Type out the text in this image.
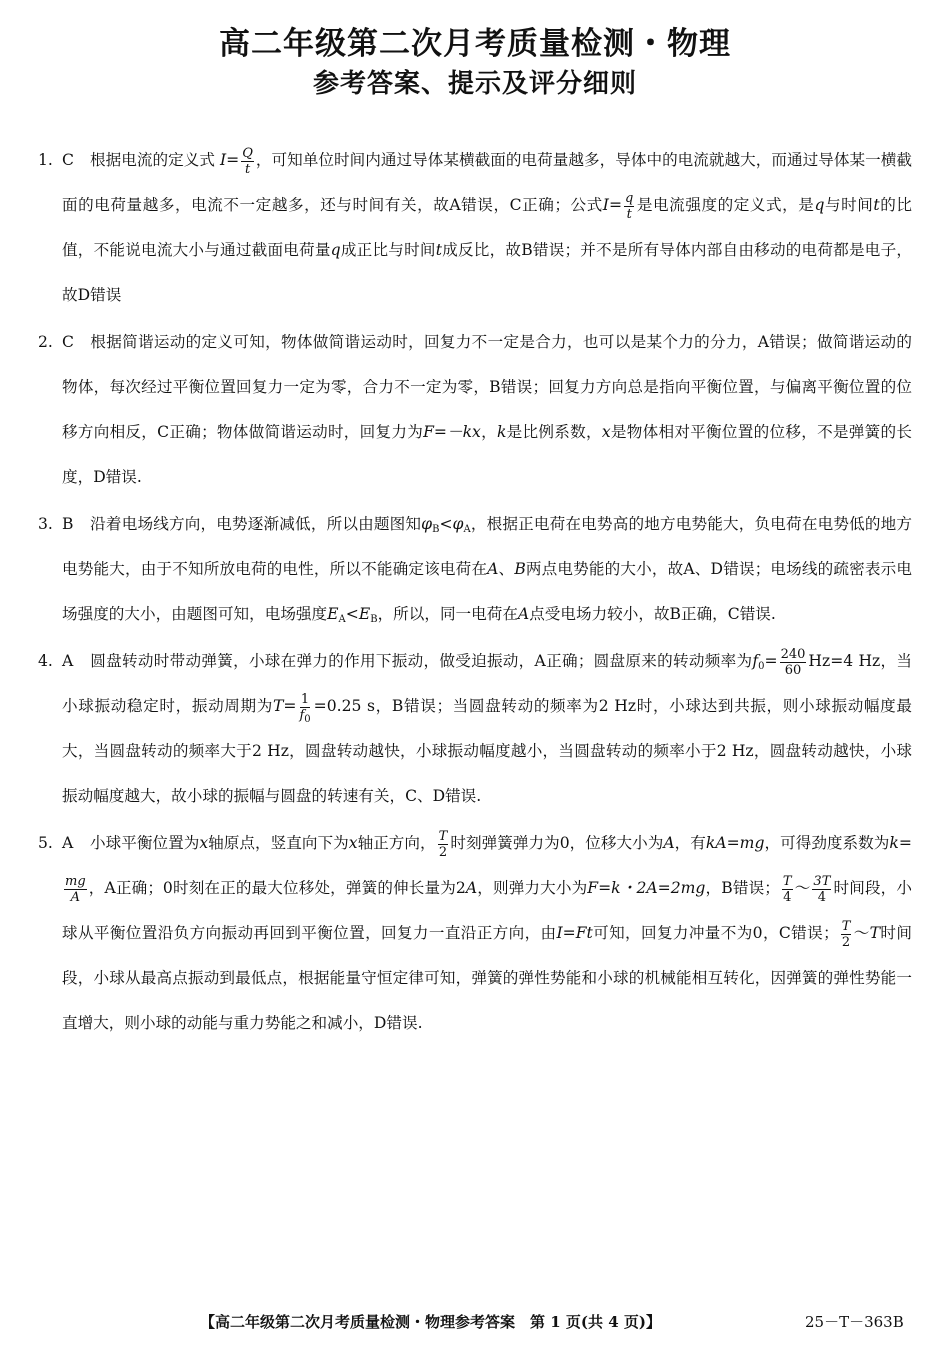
高二年级第二次月考质量检测・物理
参考答案、提示及评分细则
1. C 根据电流的定义式 $I= \frac{Q}{t}$ ，可知单位时间内通过导体某横截面的电荷量越多，导体中的电流就越大，而通过导体某一横截面的电荷量越多，电流不一定越多，还与时间有关，故A错误，C正确；公式$I= \frac{q}{t}$ 是电流强度的定义式，是q与时间t的比值，不能说电流大小与通过截面电荷量q成正比与时间t成反比，故B错误；并不是所有导体内部自由移动的电荷都是电子，故D错误
2. C 根据简谐运动的定义可知，物体做简谐运动时，回复力不一定是合力，也可以是某个力的分力，A错误；做简谐运动的物体，每次经过平衡位置回复力一定为零，合力不一定为零，B错误；回复力方向总是指向平衡位置，与偏离平衡位置的位移方向相反，C正确；物体做简谐运动时，回复力为F=－kx，k是比例系数，x是物体相对平衡位置的位移，不是弹簧的长度，D错误.
3. B 沿着电场线方向，电势逐渐减低，所以由题图知$\varphi_B<\varphi_A$，根据正电荷在电势高的地方电势能大，负电荷在电势低的地方电势能大，由于不知所放电荷的电性，所以不能确定该电荷在A、B两点电势能的大小，故A、D错误；电场线的疏密表示电场强度的大小，由题图可知，电场强度$E_A<E_B$，所以，同一电荷在A点受电场力较小，故B正确，C错误.
4. A 圆盘转动时带动弹簧，小球在弹力的作用下振动，做受迫振动，A正确；圆盘原来的转动频率为$f_0= \frac{240}{60} Hz=4$ Hz，当小球振动稳定时，振动周期为$T= \frac{1}{f_0} =0.25$ s，B错误；当圆盘转动的频率为2 Hz时，小球达到共振，则小球振动幅度最大，当圆盘转动的频率大于2 Hz，圆盘转动越快，小球振动幅度越小，当圆盘转动的频率小于2 Hz，圆盘转动越快，小球振动幅度越大，故小球的振幅与圆盘的转速有关，C、D错误.
5. A 小球平衡位置为x轴原点，竖直向下为x轴正方向， $\frac{T}{2}$ 时刻弹簧弹力为0，位移大小为A，有kA=mg，可得劲度系数为k=
$\frac{mg}{A}$ ，A正确；0时刻在正的最大位移处，弹簧的伸长量为2A，则弹力大小为F=k・2A=2mg，B错误； $\frac{T}{4}$ ～ $\frac{3T}{4}$ 时间段，小球从平衡位置沿负方向振动再回到平衡位置，回复力一直沿正方向，由I=Ft可知，回复力冲量不为0，C错误； $\frac{T}{2}$ ～T时间段，小球从最高点振动到最低点，根据能量守恒定律可知，弹簧的弹性势能和小球的机械能相互转化，因弹簧的弹性势能一直增大，则小球的动能与重力势能之和减小，D错误.
【高二年级第二次月考质量检测・物理参考答案　第 1 页(共 4 页)】	25－T－363B
